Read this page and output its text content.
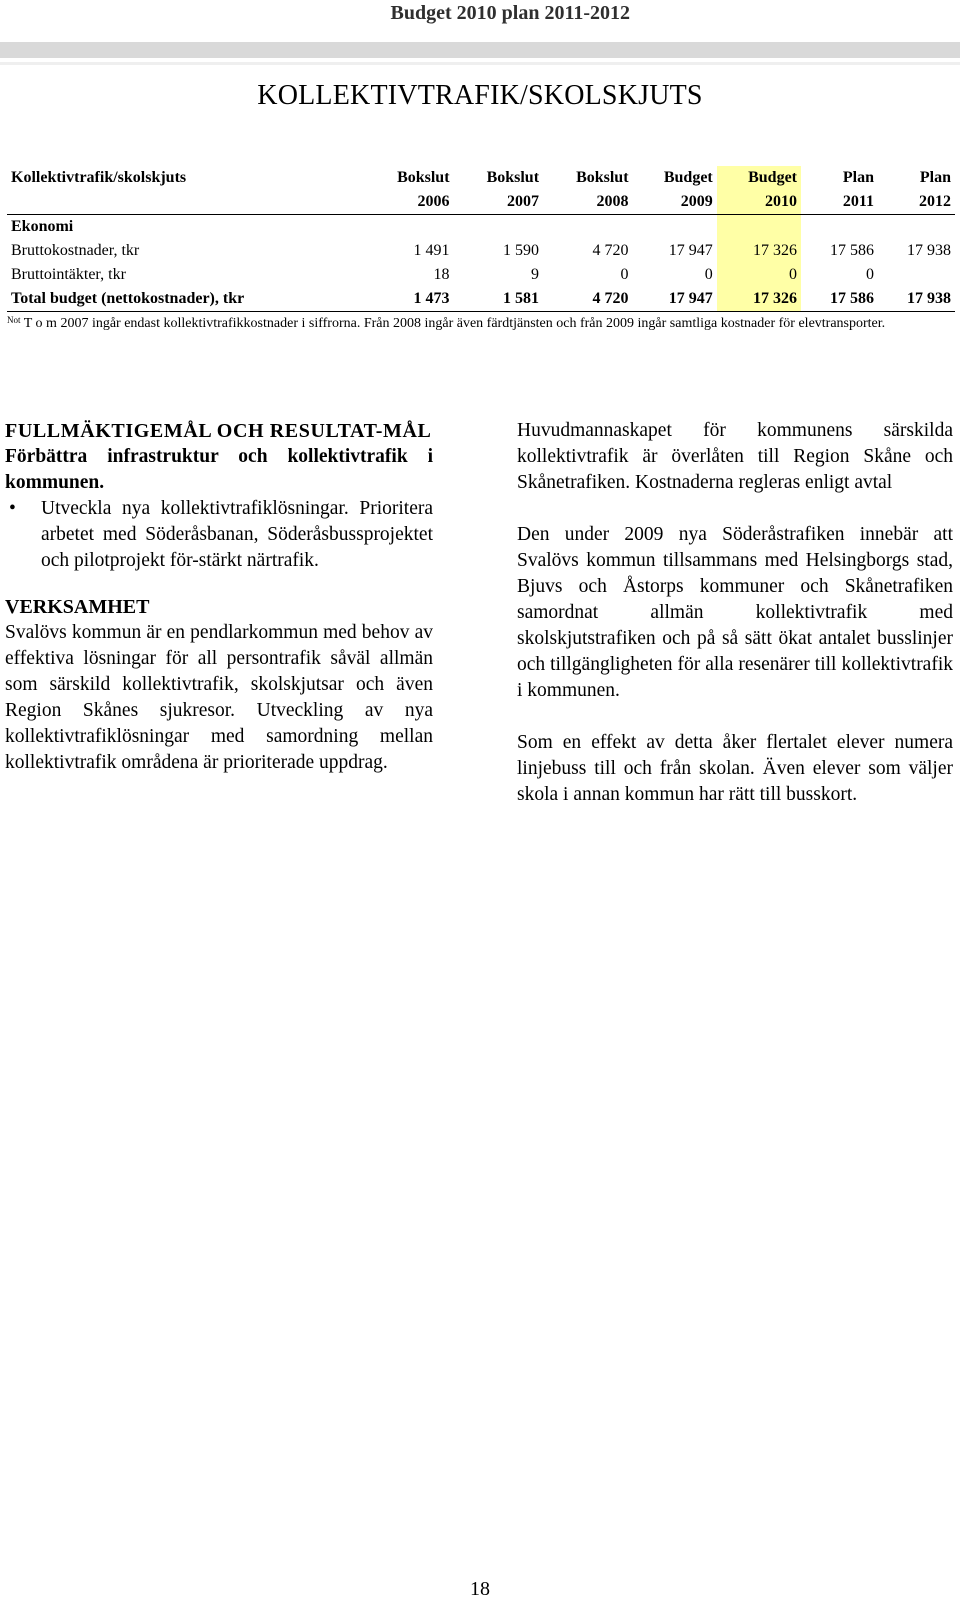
Budget 2010 plan 2011-2012
KOLLEKTIVTRAFIK/SKOLSKJUTS
Kollektivtrafik/skolskjuts	Bokslut	Bokslut	Bokslut	Budget	Budget	Plan	Plan
	2006	2007	2008	2009	2010	2011	2012
Ekonomi							
Bruttokostnader, tkr	1 491	1 590	4 720	17 947	17 326	17 586	17 938
Bruttointäkter, tkr	18	9	0	0	0	0	
Total budget (nettokostnader), tkr	1 473	1 581	4 720	17 947	17 326	17 586	17 938
$^{Not}$ T o m 2007 ingår endast kollektivtrafikkostnader i siffrorna. Från 2008 ingår även färdtjänsten och från 2009 ingår samtliga kostnader för elevtransporter.
FULLMÄKTIGEMÅL OCH RESULTAT-MÅL
Förbättra infrastruktur och kollektivtrafik i kommunen.
• Utveckla nya kollektivtrafiklösningar. Prioritera arbetet med Söderåsbanan, Söderåsbussprojektet och pilotprojekt för-stärkt närtrafik.
VERKSAMHET

Svalövs kommun är en pendlarkommun med behov av effektiva lösningar för all persontrafik såväl allmän som särskild kollektivtrafik, skolskjutsar och även Region Skånes sjukresor. Utveckling av nya kollektivtrafiklösningar med samordning mellan kollektivtrafik områdena är prioriterade uppdrag.

Huvudmannaskapet för kommunens särskilda kollektivtrafik är överlåten till Region Skåne och Skånetrafiken. Kostnaderna regleras enligt avtal

Den under 2009 nya Söderåstrafiken innebär att Svalövs kommun tillsammans med Helsingborgs stad, Bjuvs och Åstorps kommuner och Skånetrafiken samordnat allmän kollektivtrafik med skolskjutstrafiken och på så sätt ökat antalet busslinjer och tillgängligheten för alla resenärer till kollektivtrafik i kommunen.

Som en effekt av detta åker flertalet elever numera linjebuss till och från skolan. Även elever som väljer skola i annan kommun har rätt till busskort.

18
